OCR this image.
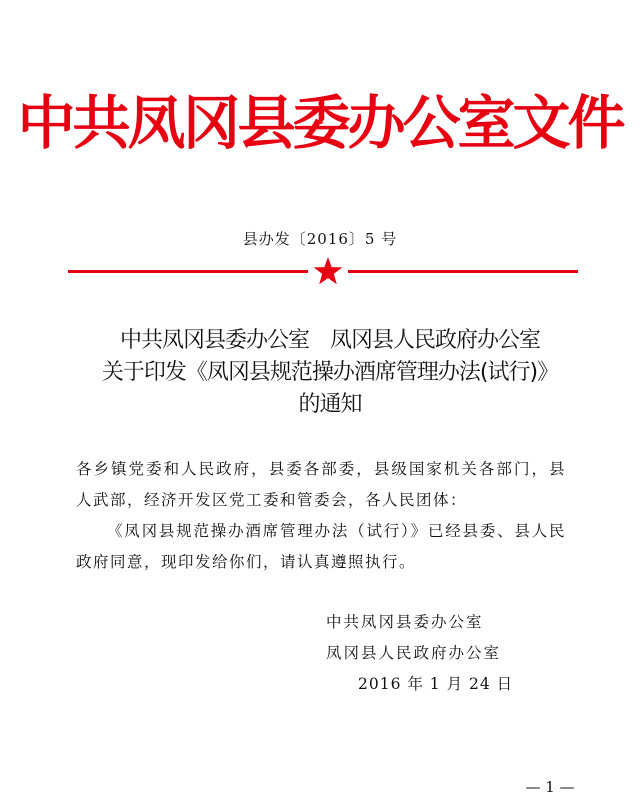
中共凤冈县委办公室文件
县办发〔2016〕5 号
中共凤冈县委办公室　凤冈县人民政府办公室
关于印发《凤冈县规范操办酒席管理办法(试行)》
的通知

各乡镇党委和人民政府，县委各部委，县级国家机关各部门，县人武部，经济开发区党工委和管委会，各人民团体：

《凤冈县规范操办酒席管理办法（试行）》已经县委、县人民政府同意，现印发给你们，请认真遵照执行。

中共凤冈县委办公室
凤冈县人民政府办公室
2016 年 1 月 24 日
— 1 —
